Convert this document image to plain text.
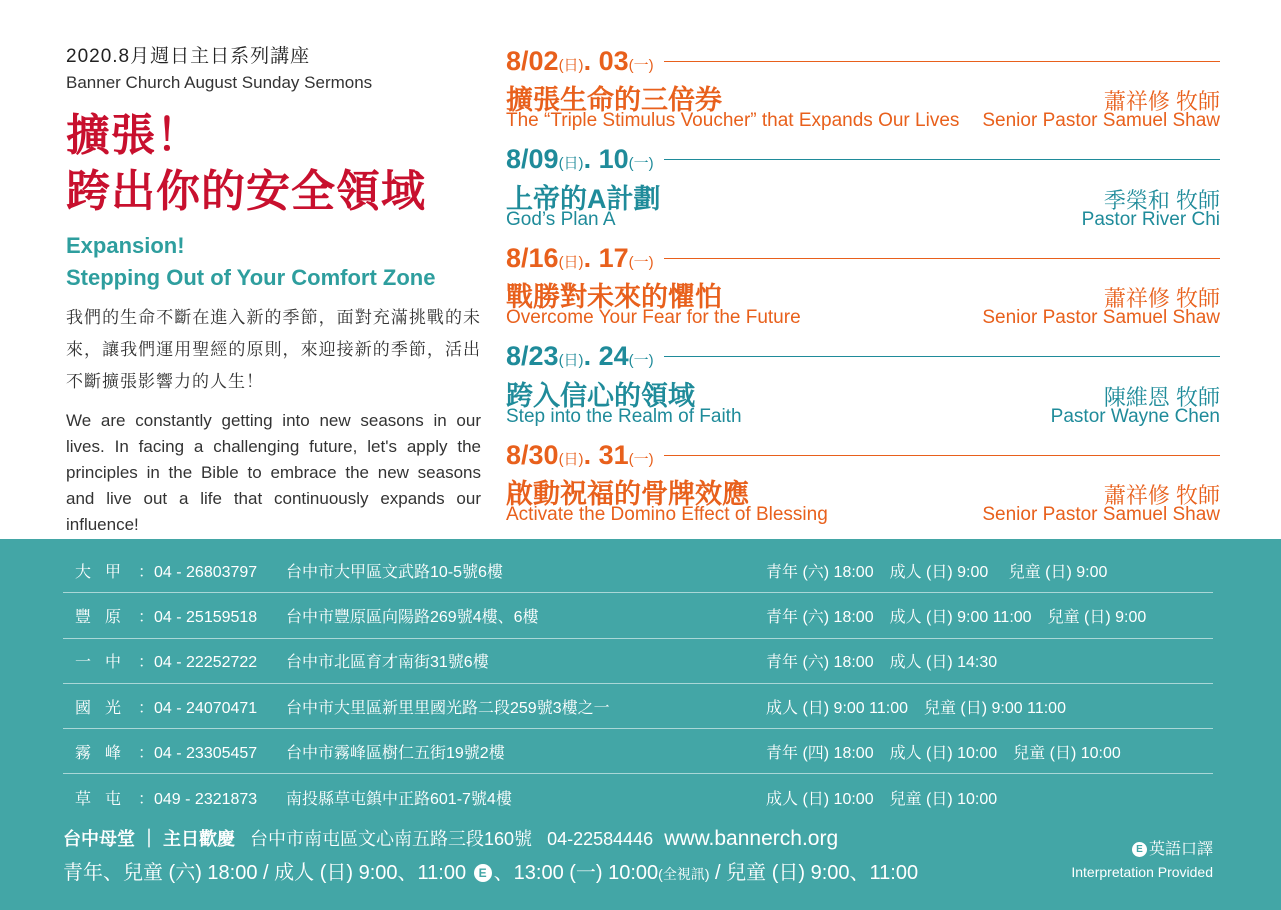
2020.8月週日主日系列講座
Banner Church August Sunday Sermons
擴張！
跨出你的安全領域
Expansion!
Stepping Out of Your Comfort Zone

我們的生命不斷在進入新的季節，面對充滿挑戰的未來，讓我們運用聖經的原則，來迎接新的季節，活出不斷擴張影響力的人生！

We are constantly getting into new seasons in our lives. In facing a challenging future, let's apply the principles in the Bible to embrace the new seasons and live out a life that continuously expands our influence!

8/02(日). 03(一)
擴張生命的三倍券	蕭祥修 牧師
The “Triple Stimulus Voucher” that Expands Our Lives Senior Pastor Samuel Shaw
8/09(日). 10(一)
上帝的A計劃	季榮和 牧師
God’s Plan A	Pastor River Chi
8/16(日). 17(一)
戰勝對未來的懼怕	蕭祥修 牧師
Overcome Your Fear for the Future	Senior Pastor Samuel Shaw
8/23(日). 24(一)
跨入信心的領域	陳維恩 牧師
Step into the Realm of Faith	Pastor Wayne Chen
8/30(日). 31(一)
啟動祝福的骨牌效應	蕭祥修 牧師
Activate the Domino Effect of Blessing	Senior Pastor Samuel Shaw
大甲 ：04 - 26803797	台中市大甲區文武路10-5號6樓	青年 (六) 18:00　成人 (日) 9:00　 兒童 (日) 9:00
豐原 ：04 - 25159518	台中市豐原區向陽路269號4樓、6樓	青年 (六) 18:00　成人 (日) 9:00 11:00　兒童 (日) 9:00
一中 ：04 - 22252722	台中市北區育才南街31號6樓	青年 (六) 18:00　成人 (日) 14:30
國光 ：04 - 24070471	台中市大里區新里里國光路二段259號3樓之一	成人 (日) 9:00 11:00　兒童 (日) 9:00 11:00
霧峰 ：04 - 23305457	台中市霧峰區樹仁五街19號2樓	青年 (四) 18:00　成人 (日) 10:00　兒童 (日) 10:00
草屯 ：049 - 2321873	南投縣草屯鎮中正路601-7號4樓	成人 (日) 10:00　兒童 (日) 10:00
台中母堂 ｜ 主日歡慶 台中市南屯區文心南五路三段160號 04-22584446 www.bannerch.org
青年、兒童 (六) 18:00 / 成人 (日) 9:00、11:00 E 、13:00 (一) 10:00(全視訊) / 兒童 (日) 9:00、11:00
E 英語口譯
Interpretation Provided
